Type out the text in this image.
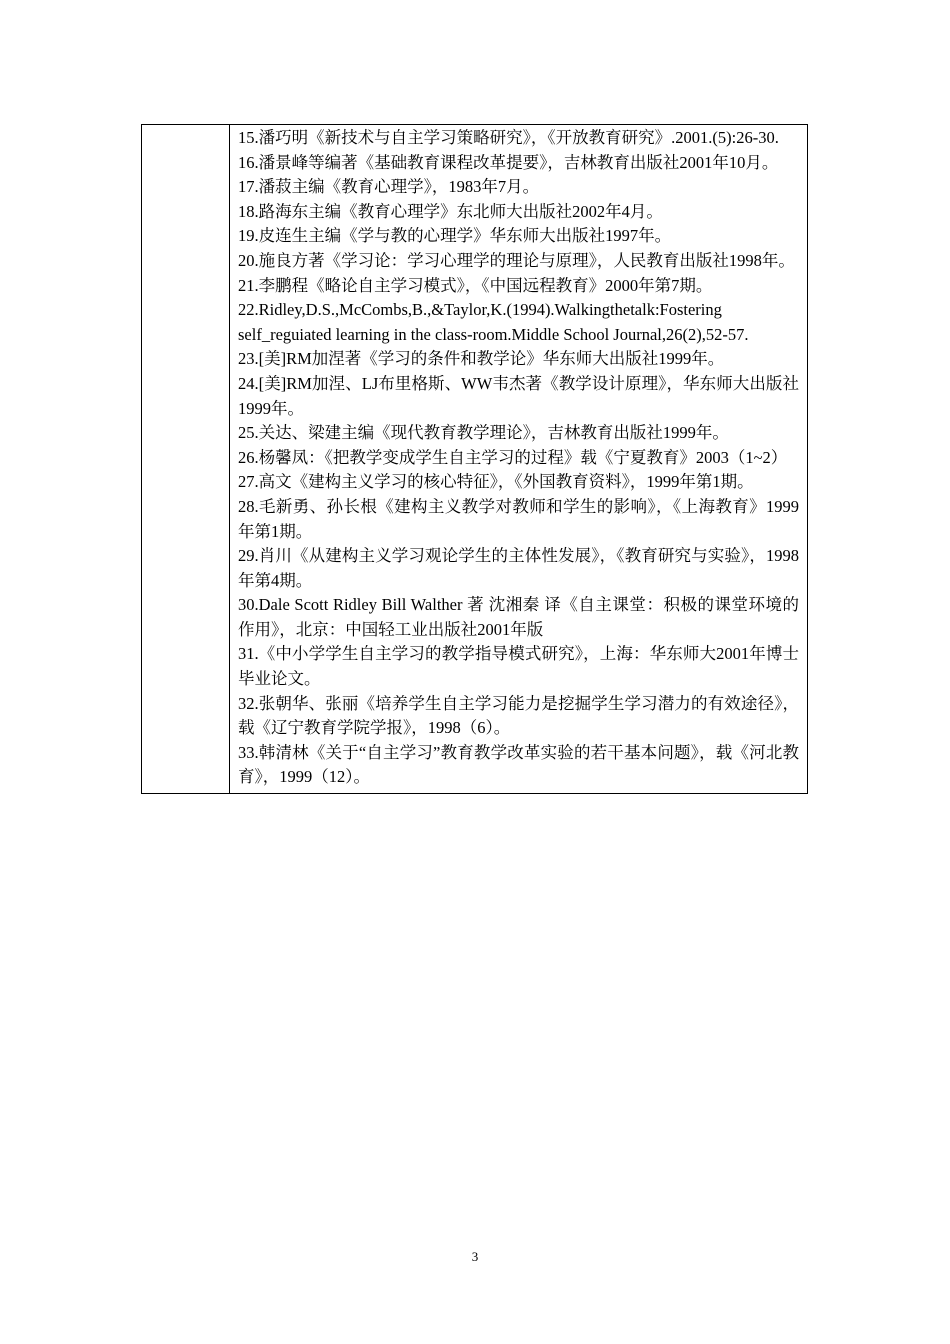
15.潘巧明《新技术与自主学习策略研究》，《开放教育研究》.2001.(5):26-30.

16.潘景峰等编著《基础教育课程改革提要》，吉林教育出版社2001年10月。

17.潘菽主编《教育心理学》，1983年7月。

18.路海东主编《教育心理学》东北师大出版社2002年4月。

19.皮连生主编《学与教的心理学》华东师大出版社1997年。

20.施良方著《学习论：学习心理学的理论与原理》，人民教育出版社1998年。

21.李鹏程《略论自主学习模式》，《中国远程教育》2000年第7期。

22.Ridley,D.S.,McCombs,B.,&Taylor,K.(1994).Walkingthetalk:Fostering self_reguiated learning in the class-room.Middle School Journal,26(2),52-57.

23.[美]RM加涅著《学习的条件和教学论》华东师大出版社1999年。

24.[美]RM加涅、LJ布里格斯、WW韦杰著《教学设计原理》，华东师大出版社1999年。

25.关达、梁建主编《现代教育教学理论》，吉林教育出版社1999年。

26.杨馨凤：《把教学变成学生自主学习的过程》载《宁夏教育》2003（1~2）

27.高文《建构主义学习的核心特征》，《外国教育资料》，1999年第1期。

28.毛新勇、孙长根《建构主义教学对教师和学生的影响》，《上海教育》1999年第1期。

29.肖川《从建构主义学习观论学生的主体性发展》，《教育研究与实验》，1998年第4期。

30.Dale Scott Ridley Bill Walther 著 沈湘秦 译《自主课堂：积极的课堂环境的作用》，北京：中国轻工业出版社2001年版

31.《中小学学生自主学习的教学指导模式研究》，上海：华东师大2001年博士毕业论文。

32.张朝华、张丽《培养学生自主学习能力是挖掘学生学习潜力的有效途径》，载《辽宁教育学院学报》，1998（6）。

33.韩清林《关于“自主学习”教育教学改革实验的若干基本问题》，载《河北教育》，1999（12）。

3
